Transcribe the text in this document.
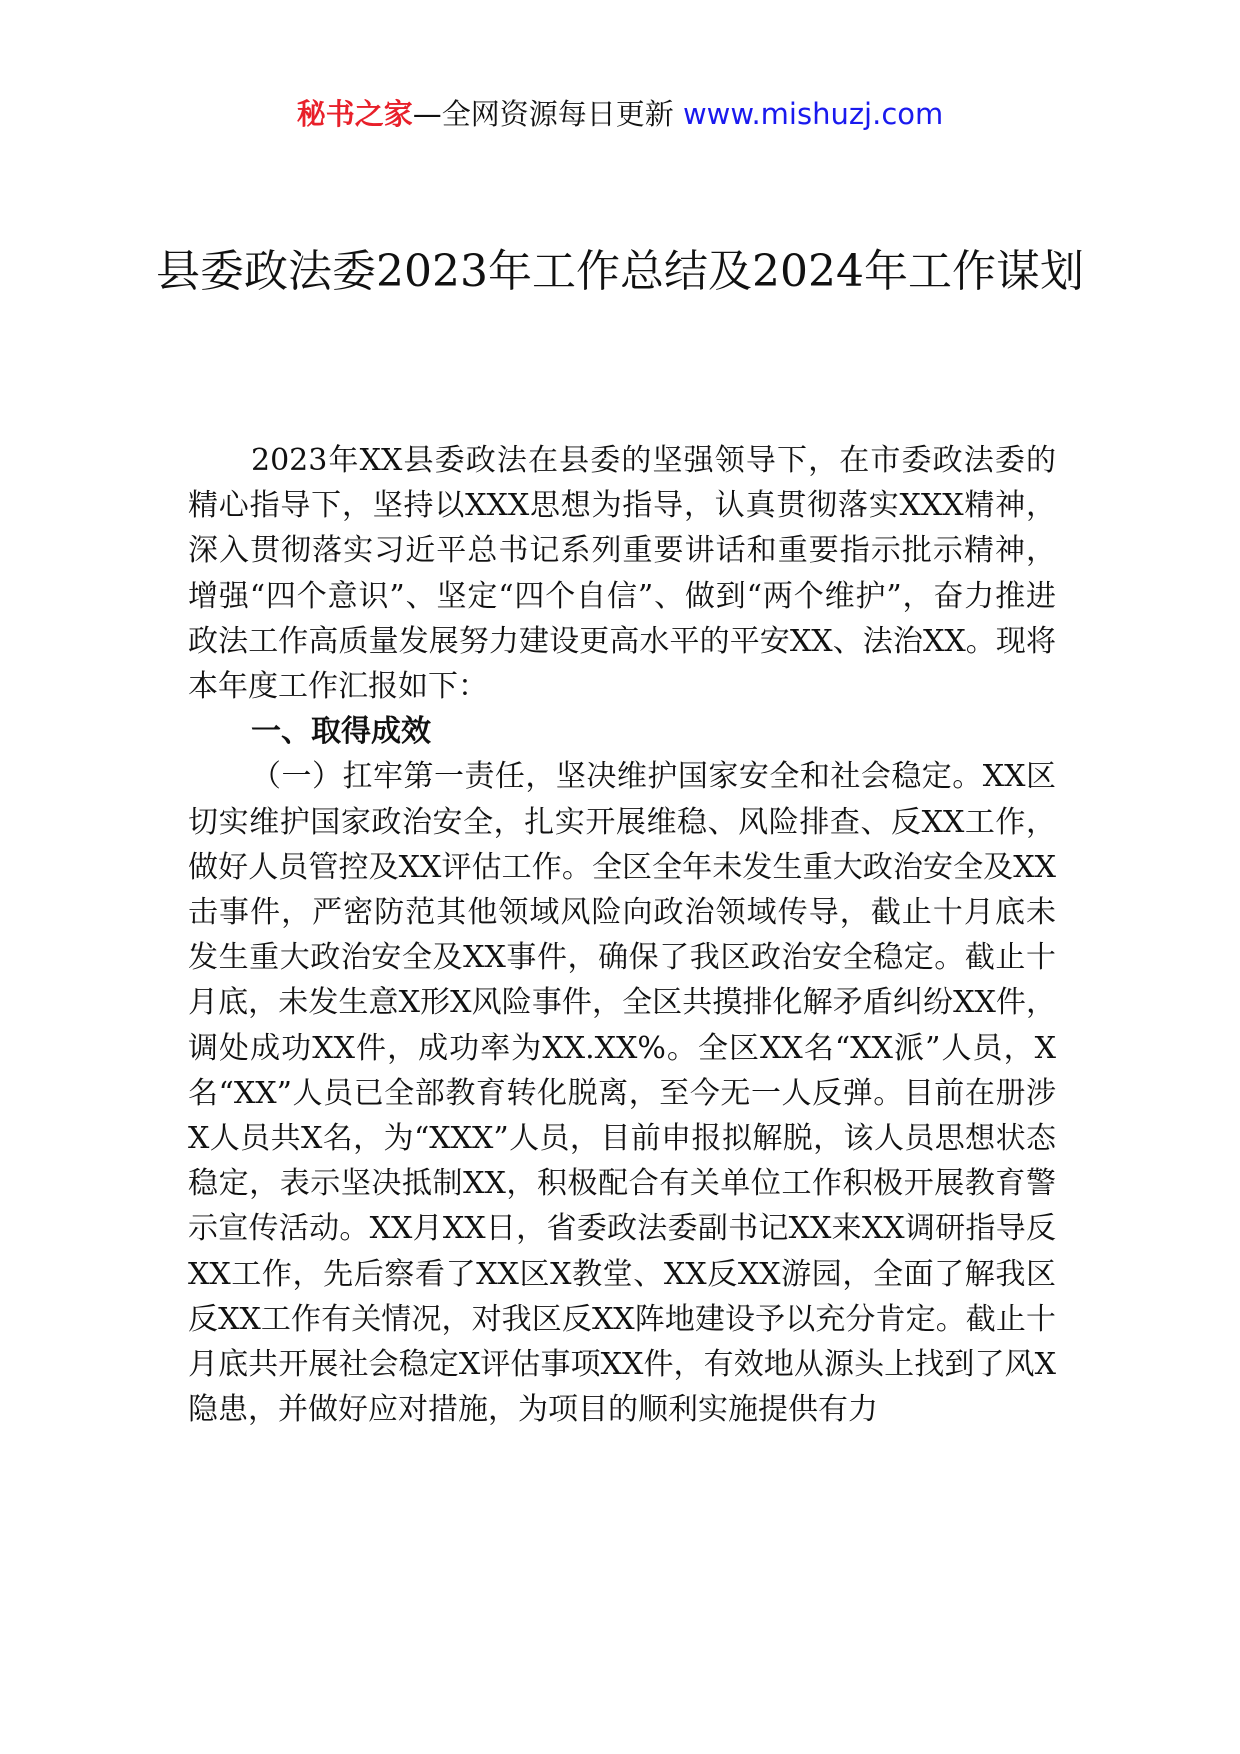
秘书之家—全网资源每日更新 www.mishuzj.com
县委政法委2023年工作总结及2024年工作谋划

2023年XX县委政法在县委的坚强领导下，在市委政法委的精心指导下，坚持以XXX思想为指导，认真贯彻落实XXX精神，深入贯彻落实习近平总书记系列重要讲话和重要指示批示精神，增强“四个意识”、坚定“四个自信”、做到“两个维护”，奋力推进政法工作高质量发展努力建设更高水平的平安XX、法治XX。现将本年度工作汇报如下：

一、取得成效

（一）扛牢第一责任，坚决维护国家安全和社会稳定。XX区切实维护国家政治安全，扎实开展维稳、风险排查、反XX工作，做好人员管控及XX评估工作。全区全年未发生重大政治安全及XX击事件，严密防范其他领域风险向政治领域传导，截止十月底未发生重大政治安全及XX事件，确保了我区政治安全稳定。截止十月底，未发生意X形X风险事件，全区共摸排化解矛盾纠纷XX件，调处成功XX件，成功率为XX.XX%。全区XX名“XX派”人员，X名“XX”人员已全部教育转化脱离，至今无一人反弹。目前在册涉X人员共X名，为“XXX”人员，目前申报拟解脱，该人员思想状态稳定，表示坚决抵制XX，积极配合有关单位工作积极开展教育警示宣传活动。XX月XX日，省委政法委副书记XX来XX调研指导反XX工作，先后察看了XX区X教堂、XX反XX游园，全面了解我区反XX工作有关情况，对我区反XX阵地建设予以充分肯定。截止十月底共开展社会稳定X评估事项XX件，有效地从源头上找到了风X隐患，并做好应对措施，为项目的顺利实施提供有力
